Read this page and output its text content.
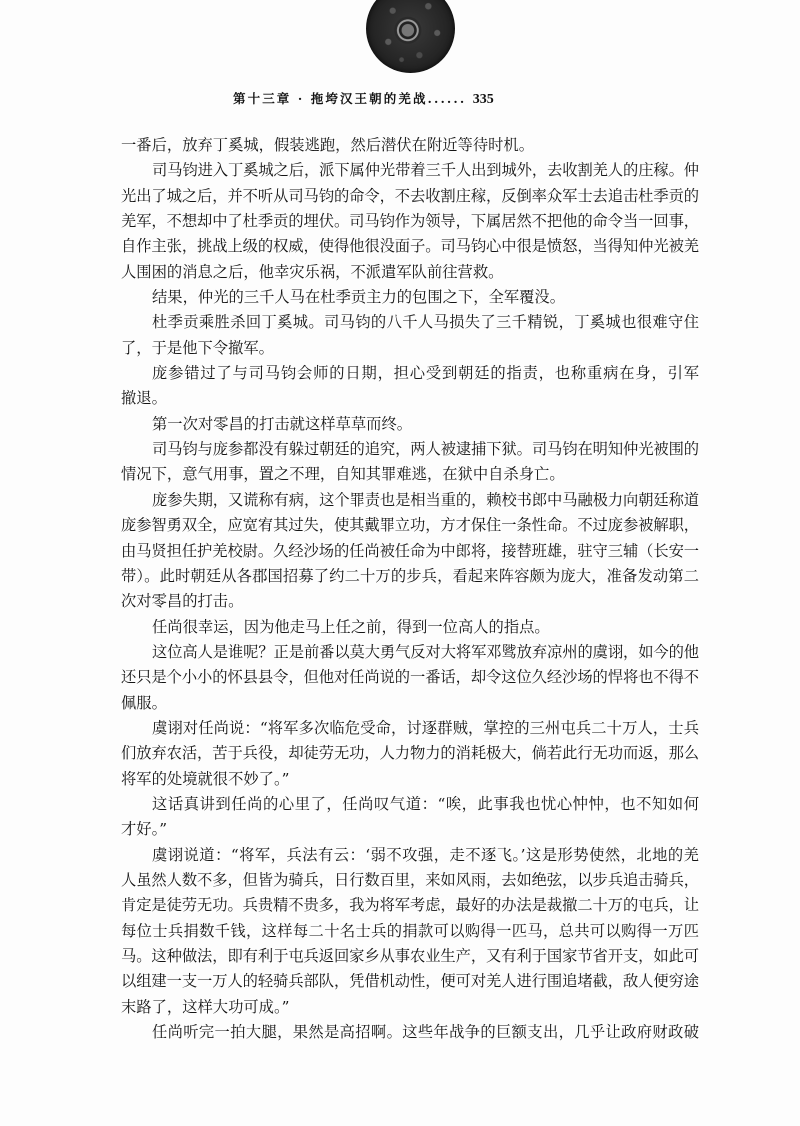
第十三章 · 拖垮汉王朝的羌战...... 335
一番后，放弃丁奚城，假装逃跑，然后潜伏在附近等待时机。
司马钧进入丁奚城之后，派下属仲光带着三千人出到城外，去收割羌人的庄稼。仲
光出了城之后，并不听从司马钧的命令，不去收割庄稼，反倒率众军士去追击杜季贡的
羌军，不想却中了杜季贡的埋伏。司马钧作为领导，下属居然不把他的命令当一回事，
自作主张，挑战上级的权威，使得他很没面子。司马钧心中很是愤怒，当得知仲光被羌
人围困的消息之后，他幸灾乐祸，不派遣军队前往营救。
结果，仲光的三千人马在杜季贡主力的包围之下，全军覆没。
杜季贡乘胜杀回丁奚城。司马钧的八千人马损失了三千精锐，丁奚城也很难守住
了，于是他下令撤军。
庞参错过了与司马钧会师的日期，担心受到朝廷的指责，也称重病在身，引军
撤退。
第一次对零昌的打击就这样草草而终。
司马钧与庞参都没有躲过朝廷的追究，两人被逮捕下狱。司马钧在明知仲光被围的
情况下，意气用事，置之不理，自知其罪难逃，在狱中自杀身亡。
庞参失期，又谎称有病，这个罪责也是相当重的，赖校书郎中马融极力向朝廷称道
庞参智勇双全，应宽宥其过失，使其戴罪立功，方才保住一条性命。不过庞参被解职，
由马贤担任护羌校尉。久经沙场的任尚被任命为中郎将，接替班雄，驻守三辅（长安一
带）。此时朝廷从各郡国招募了约二十万的步兵，看起来阵容颇为庞大，准备发动第二
次对零昌的打击。
任尚很幸运，因为他走马上任之前，得到一位高人的指点。
这位高人是谁呢？正是前番以莫大勇气反对大将军邓骘放弃凉州的虞诩，如今的他
还只是个小小的怀县县令，但他对任尚说的一番话，却令这位久经沙场的悍将也不得不
佩服。
虞诩对任尚说：“将军多次临危受命，讨逐群贼，掌控的三州屯兵二十万人，士兵
们放弃农活，苦于兵役，却徒劳无功，人力物力的消耗极大，倘若此行无功而返，那么
将军的处境就很不妙了。”
这话真讲到任尚的心里了，任尚叹气道：“唉，此事我也忧心忡忡，也不知如何
才好。”
虞诩说道：“将军，兵法有云：‘弱不攻强，走不逐飞。’这是形势使然，北地的羌
人虽然人数不多，但皆为骑兵，日行数百里，来如风雨，去如绝弦，以步兵追击骑兵，
肯定是徒劳无功。兵贵精不贵多，我为将军考虑，最好的办法是裁撤二十万的屯兵，让
每位士兵捐数千钱，这样每二十名士兵的捐款可以购得一匹马，总共可以购得一万匹
马。这种做法，即有利于屯兵返回家乡从事农业生产，又有利于国家节省开支，如此可
以组建一支一万人的轻骑兵部队，凭借机动性，便可对羌人进行围追堵截，敌人便穷途
末路了，这样大功可成。”
任尚听完一拍大腿，果然是高招啊。这些年战争的巨额支出，几乎让政府财政破
